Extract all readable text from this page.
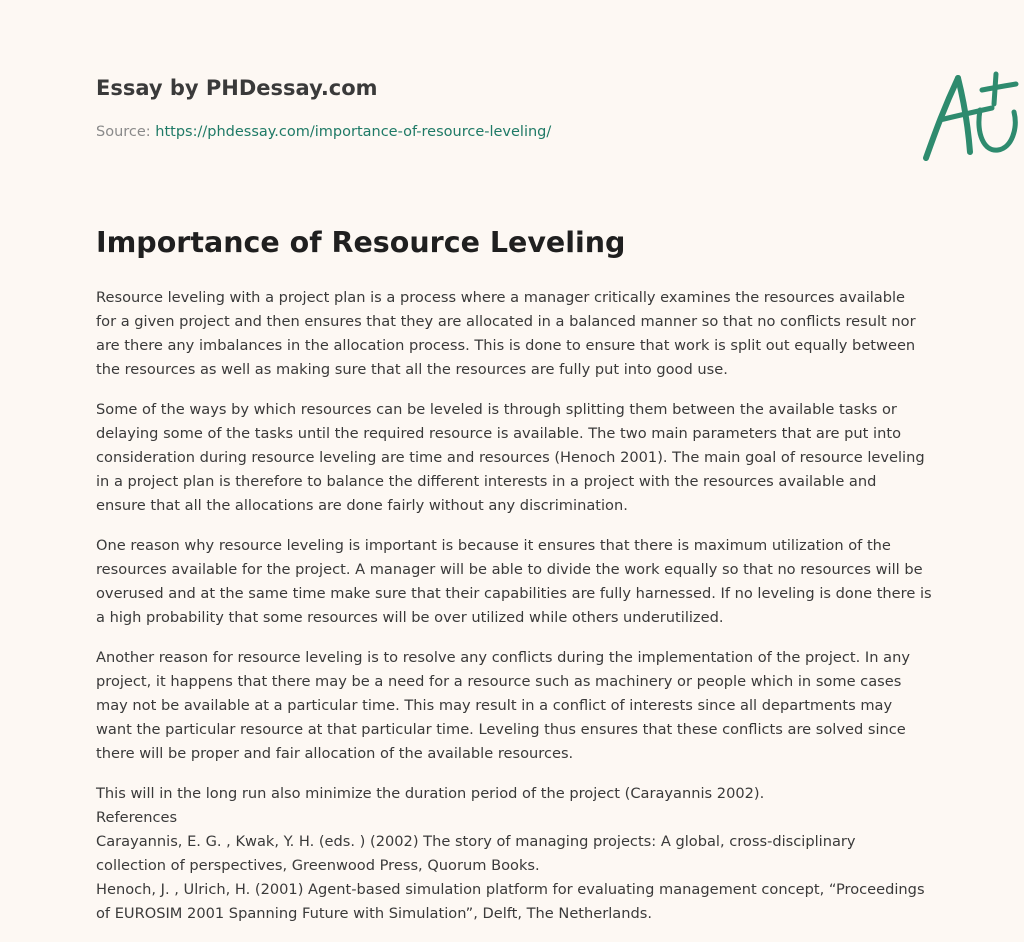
Essay by PHDessay.com
Source: https://phdessay.com/importance-of-resource-leveling/
Importance of Resource Leveling

Resource leveling with a project plan is a process where a manager critically examines the resources available
for a given project and then ensures that they are allocated in a balanced manner so that no conflicts result nor
are there any imbalances in the allocation process. This is done to ensure that work is split out equally between
the resources as well as making sure that all the resources are fully put into good use.

Some of the ways by which resources can be leveled is through splitting them between the available tasks or
delaying some of the tasks until the required resource is available. The two main parameters that are put into
consideration during resource leveling are time and resources (Henoch 2001). The main goal of resource leveling
in a project plan is therefore to balance the different interests in a project with the resources available and
ensure that all the allocations are done fairly without any discrimination.

One reason why resource leveling is important is because it ensures that there is maximum utilization of the
resources available for the project. A manager will be able to divide the work equally so that no resources will be
overused and at the same time make sure that their capabilities are fully harnessed. If no leveling is done there is
a high probability that some resources will be over utilized while others underutilized.

Another reason for resource leveling is to resolve any conflicts during the implementation of the project. In any
project, it happens that there may be a need for a resource such as machinery or people which in some cases
may not be available at a particular time. This may result in a conflict of interests since all departments may
want the particular resource at that particular time. Leveling thus ensures that these conflicts are solved since
there will be proper and fair allocation of the available resources.

This will in the long run also minimize the duration period of the project (Carayannis 2002).
References
Carayannis, E. G. , Kwak, Y. H. (eds. ) (2002) The story of managing projects: A global, cross-disciplinary
collection of perspectives, Greenwood Press, Quorum Books.
Henoch, J. , Ulrich, H. (2001) Agent-based simulation platform for evaluating management concept, “Proceedings
of EUROSIM 2001 Spanning Future with Simulation”, Delft, The Netherlands.
